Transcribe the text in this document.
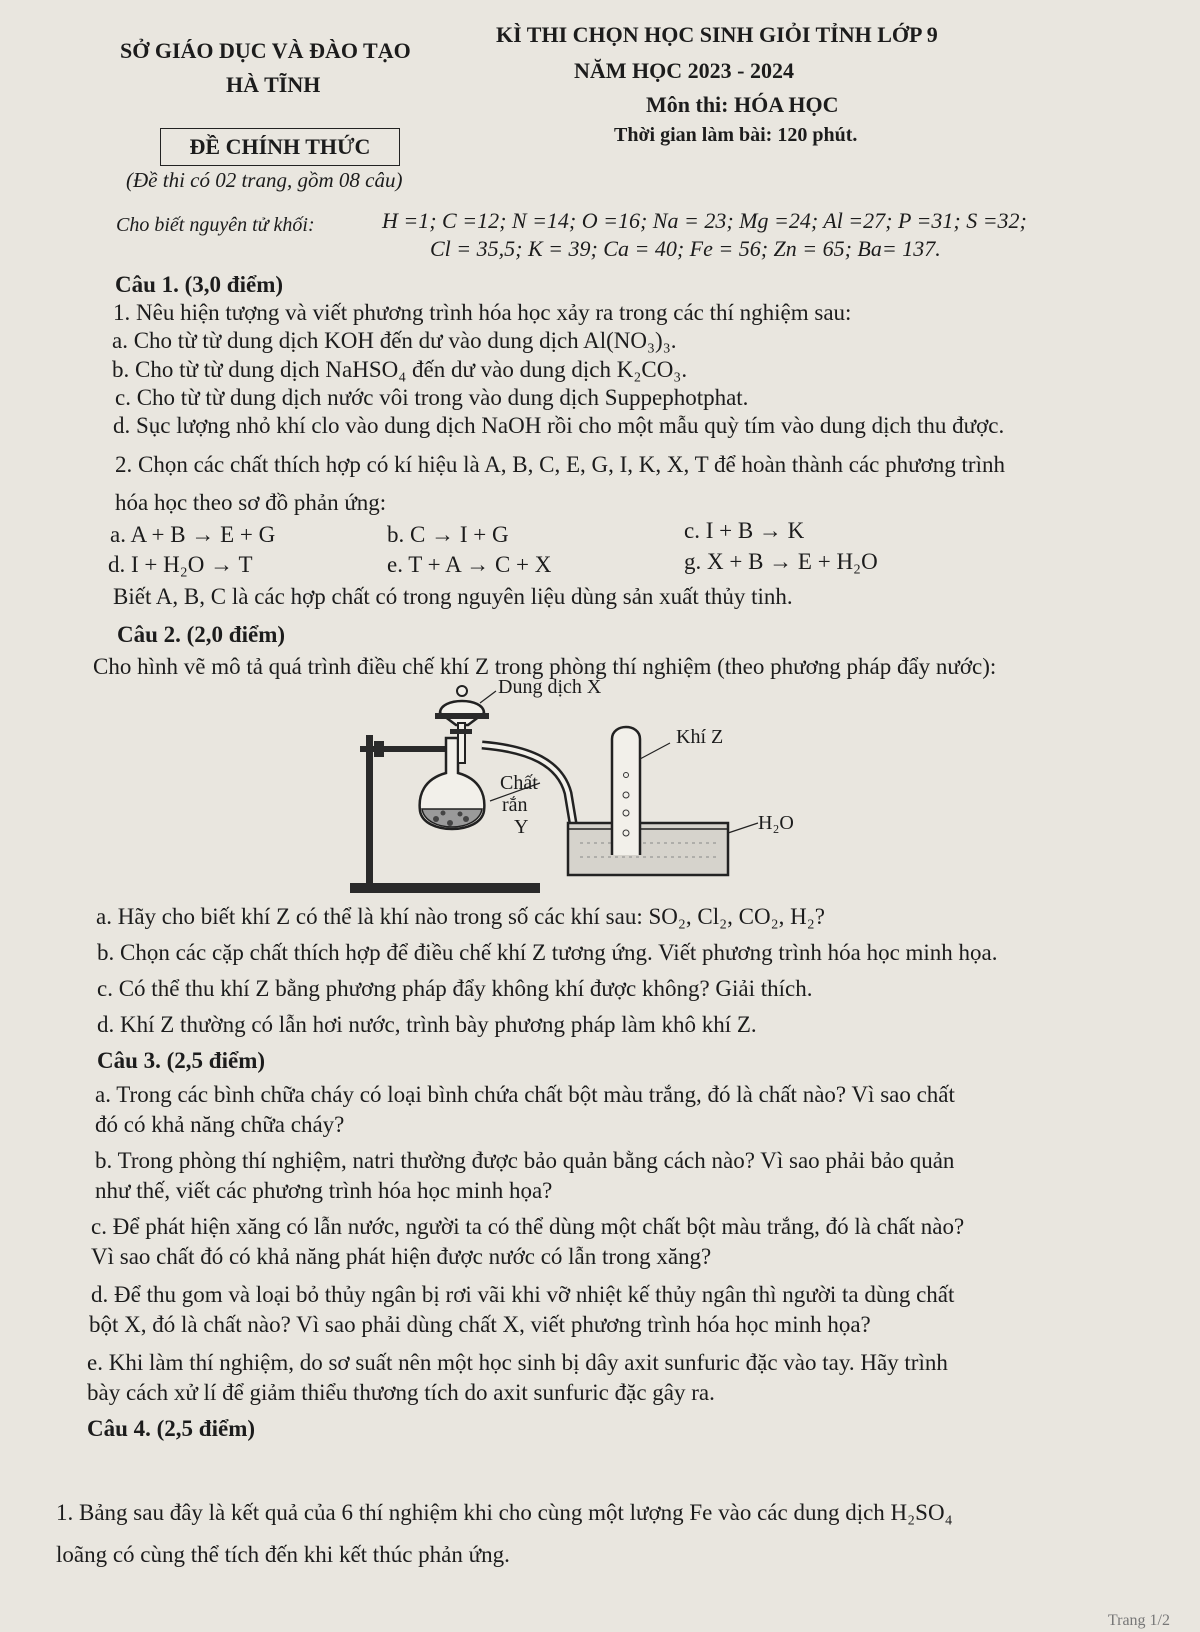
SỞ GIÁO DỤC VÀ ĐÀO TẠO
HÀ TĨNH
ĐỀ CHÍNH THỨC
(Đề thi có 02 trang, gồm 08 câu)
KÌ THI CHỌN HỌC SINH GIỎI TỈNH LỚP 9
NĂM HỌC 2023 - 2024
Môn thi: HÓA HỌC
Thời gian làm bài: 120 phút.
Cho biết nguyên tử khối:	H =1; C =12; N =14; O =16; Na = 23; Mg =24; Al =27; P =31; S =32;
Cl = 35,5; K = 39; Ca = 40; Fe = 56; Zn = 65; Ba= 137.
Câu 1. (3,0 điểm)
1. Nêu hiện tượng và viết phương trình hóa học xảy ra trong các thí nghiệm sau:
a. Cho từ từ dung dịch KOH đến dư vào dung dịch Al(NO₃)₃.
b. Cho từ từ dung dịch NaHSO₄ đến dư vào dung dịch K₂CO₃.
c. Cho từ từ dung dịch nước vôi trong vào dung dịch Suppephotphat.
d. Sục lượng nhỏ khí clo vào dung dịch NaOH rồi cho một mẫu quỳ tím vào dung dịch thu được.
2. Chọn các chất thích hợp có kí hiệu là A, B, C, E, G, I, K, X, T để hoàn thành các phương trình
hóa học theo sơ đồ phản ứng:
a. A + B → E + G	b. C → I + G	c. I + B → K
d. I + H₂O → T	e. T + A → C + X	g. X + B → E + H₂O
Biết A, B, C là các hợp chất có trong nguyên liệu dùng sản xuất thủy tinh.
Câu 2. (2,0 điểm)
Cho hình vẽ mô tả quá trình điều chế khí Z trong phòng thí nghiệm (theo phương pháp đẩy nước):
Dung dịch X
Khí Z
Chất
rắn
Y	H₂O
a. Hãy cho biết khí Z có thể là khí nào trong số các khí sau: SO₂, Cl₂, CO₂, H₂?
b. Chọn các cặp chất thích hợp để điều chế khí Z tương ứng. Viết phương trình hóa học minh họa.
c. Có thể thu khí Z bằng phương pháp đẩy không khí được không? Giải thích.
d. Khí Z thường có lẫn hơi nước, trình bày phương pháp làm khô khí Z.
Câu 3. (2,5 điểm)
a. Trong các bình chữa cháy có loại bình chứa chất bột màu trắng, đó là chất nào? Vì sao chất
đó có khả năng chữa cháy?
b. Trong phòng thí nghiệm, natri thường được bảo quản bằng cách nào? Vì sao phải bảo quản
như thế, viết các phương trình hóa học minh họa?
c. Để phát hiện xăng có lẫn nước, người ta có thể dùng một chất bột màu trắng, đó là chất nào?
Vì sao chất đó có khả năng phát hiện được nước có lẫn trong xăng?
d. Để thu gom và loại bỏ thủy ngân bị rơi vãi khi vỡ nhiệt kế thủy ngân thì người ta dùng chất
bột X, đó là chất nào? Vì sao phải dùng chất X, viết phương trình hóa học minh họa?
e. Khi làm thí nghiệm, do sơ suất nên một học sinh bị dây axit sunfuric đặc vào tay. Hãy trình
bày cách xử lí để giảm thiểu thương tích do axit sunfuric đặc gây ra.
Câu 4. (2,5 điểm)
1. Bảng sau đây là kết quả của 6 thí nghiệm khi cho cùng một lượng Fe vào các dung dịch H₂SO₄
loãng có cùng thể tích đến khi kết thúc phản ứng.
Trang 1/2
